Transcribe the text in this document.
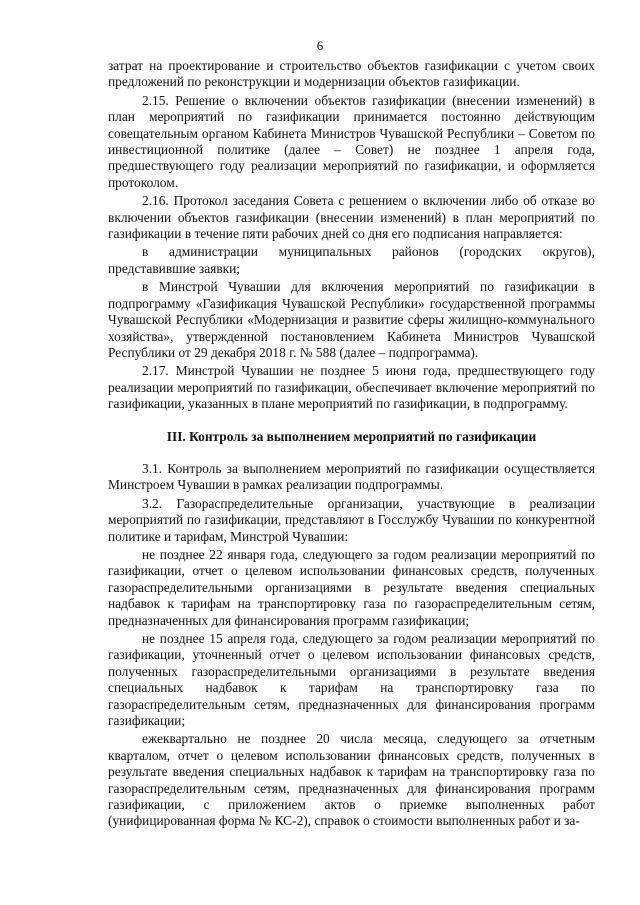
6

затрат на проектирование и строительство объектов газификации с учетом своих предложений по реконструкции и модернизации объектов газификации.

2.15. Решение о включении объектов газификации (внесении изменений) в план мероприятий по газификации принимается постоянно действующим совещательным органом Кабинета Министров Чувашской Республики – Советом по инвестиционной политике (далее – Совет) не позднее 1 апреля года, предшествующего году реализации мероприятий по газификации, и оформляется протоколом.

2.16. Протокол заседания Совета с решением о включении либо об отказе во включении объектов газификации (внесении изменений) в план мероприятий по газификации в течение пяти рабочих дней со дня его подписания направляется:

в администрации муниципальных районов (городских округов), представившие заявки;

в Минстрой Чувашии для включения мероприятий по газификации в подпрограмму «Газификация Чувашской Республики» государственной программы Чувашской Республики «Модернизация и развитие сферы жилищно-коммунального хозяйства», утвержденной постановлением Кабинета Министров Чувашской Республики от 29 декабря 2018 г. № 588 (далее – подпрограмма).

2.17. Минстрой Чувашии не позднее 5 июня года, предшествующего году реализации мероприятий по газификации, обеспечивает включение мероприятий по газификации, указанных в плане мероприятий по газификации, в подпрограмму.

III. Контроль за выполнением мероприятий по газификации

3.1. Контроль за выполнением мероприятий по газификации осуществляется Минстроем Чувашии в рамках реализации подпрограммы.

3.2. Газораспределительные организации, участвующие в реализации мероприятий по газификации, представляют в Госслужбу Чувашии по конкурентной политике и тарифам, Минстрой Чувашии:

не позднее 22 января года, следующего за годом реализации мероприятий по газификации, отчет о целевом использовании финансовых средств, полученных газораспределительными организациями в результате введения специальных надбавок к тарифам на транспортировку газа по газораспределительным сетям, предназначенных для финансирования программ газификации;

не позднее 15 апреля года, следующего за годом реализации мероприятий по газификации, уточненный отчет о целевом использовании финансовых средств, полученных газораспределительными организациями в результате введения специальных надбавок к тарифам на транспортировку газа по газораспределительным сетям, предназначенных для финансирования программ газификации;

ежеквартально не позднее 20 числа месяца, следующего за отчетным кварталом, отчет о целевом использовании финансовых средств, полученных в результате введения специальных надбавок к тарифам на транспортировку газа по газораспределительным сетям, предназначенных для финансирования программ газификации, с приложением актов о приемке выполненных работ (унифицированная форма № КС-2), справок о стоимости выполненных работ и за-
